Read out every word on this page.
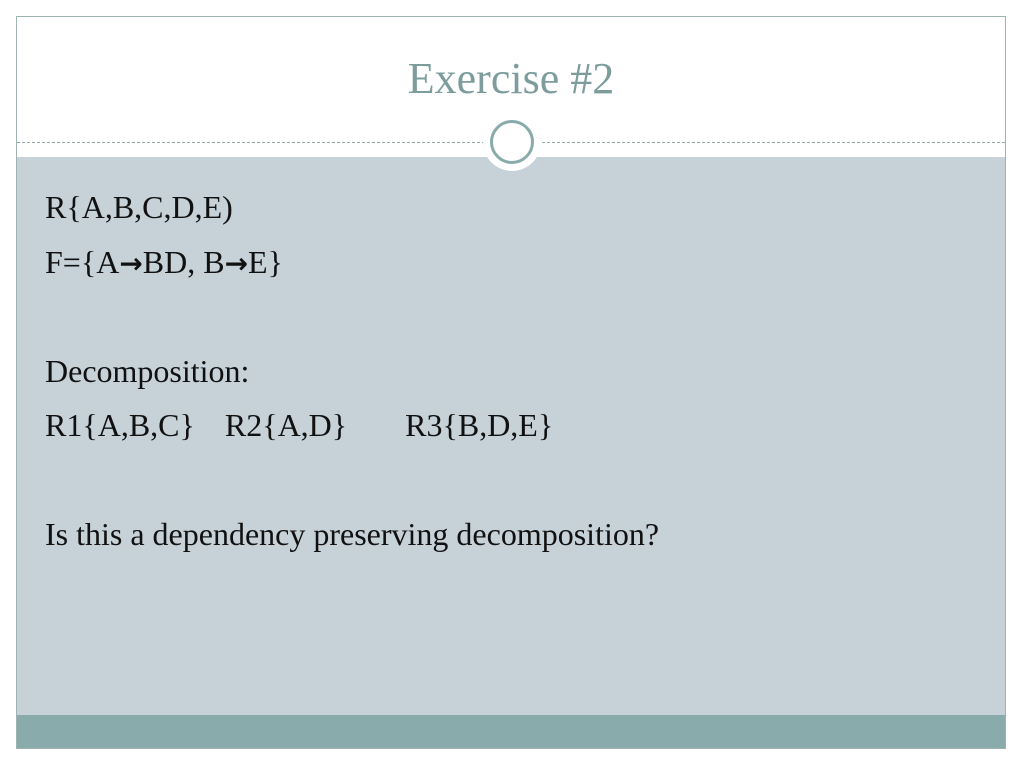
Exercise #2
R{A,B,C,D,E)
F={A→BD, B→E}
Decomposition:
R1{A,B,C} R2{A,D} R3{B,D,E}
Is this a dependency preserving decomposition?
